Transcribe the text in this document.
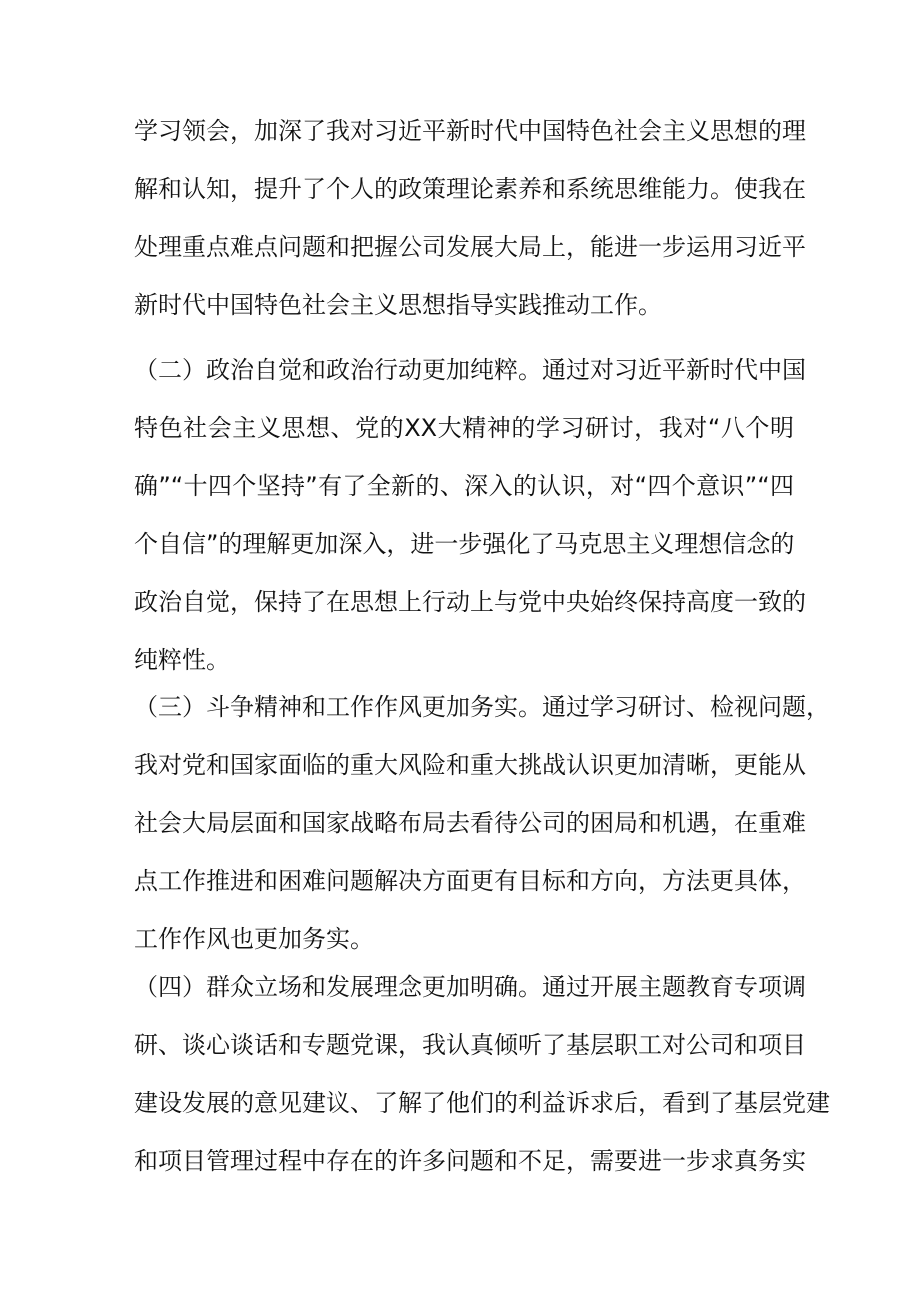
学习领会，加深了我对习近平新时代中国特色社会主义思想的理
解和认知，提升了个人的政策理论素养和系统思维能力。使我在
处理重点难点问题和把握公司发展大局上，能进一步运用习近平
新时代中国特色社会主义思想指导实践推动工作。
（二）政治自觉和政治行动更加纯粹。通过对习近平新时代中国
特色社会主义思想、党的XX大精神的学习研讨，我对“八个明
确”“十四个坚持”有了全新的、深入的认识，对“四个意识”“四
个自信”的理解更加深入，进一步强化了马克思主义理想信念的
政治自觉，保持了在思想上行动上与党中央始终保持高度一致的
纯粹性。
（三）斗争精神和工作作风更加务实。通过学习研讨、检视问题，
我对党和国家面临的重大风险和重大挑战认识更加清晰，更能从
社会大局层面和国家战略布局去看待公司的困局和机遇，在重难
点工作推进和困难问题解决方面更有目标和方向，方法更具体，
工作作风也更加务实。
（四）群众立场和发展理念更加明确。通过开展主题教育专项调
研、谈心谈话和专题党课，我认真倾听了基层职工对公司和项目
建设发展的意见建议、了解了他们的利益诉求后，看到了基层党建
和项目管理过程中存在的许多问题和不足，需要进一步求真务实
